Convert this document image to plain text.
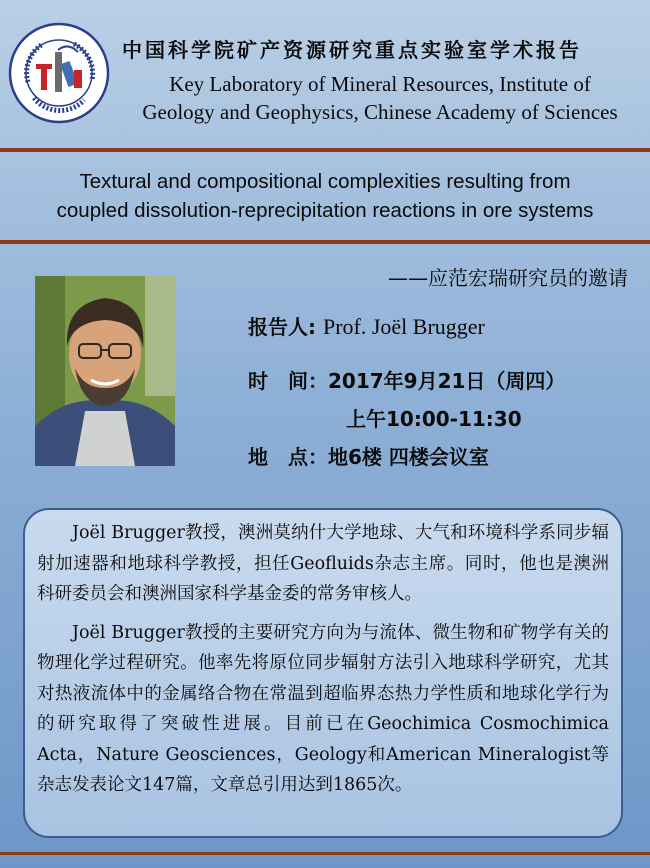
中国科学院矿产资源研究重点实验室学术报告
Key Laboratory of Mineral Resources, Institute of
Geology and Geophysics, Chinese Academy of Sciences
Textural and compositional complexities resulting from
coupled dissolution-reprecipitation reactions in ore systems
——应范宏瑞研究员的邀请
报告人: Prof. Joël Brugger
时　间：2017年9月21日（周四）
上午10:00-11:30
地　点：地6楼 四楼会议室

Joël Brugger教授，澳洲莫纳什大学地球、大气和环境科学系同步辐射加速器和地球科学教授，担任Geofluids杂志主席。同时，他也是澳洲科研委员会和澳洲国家科学基金委的常务审核人。

Joël Brugger教授的主要研究方向为与流体、微生物和矿物学有关的物理化学过程研究。他率先将原位同步辐射方法引入地球科学研究，尤其对热液流体中的金属络合物在常温到超临界态热力学性质和地球化学行为的研究取得了突破性进展。目前已在Geochimica Cosmochimica Acta，Nature Geosciences，Geology和American Mineralogist等杂志发表论文147篇，文章总引用达到1865次。
